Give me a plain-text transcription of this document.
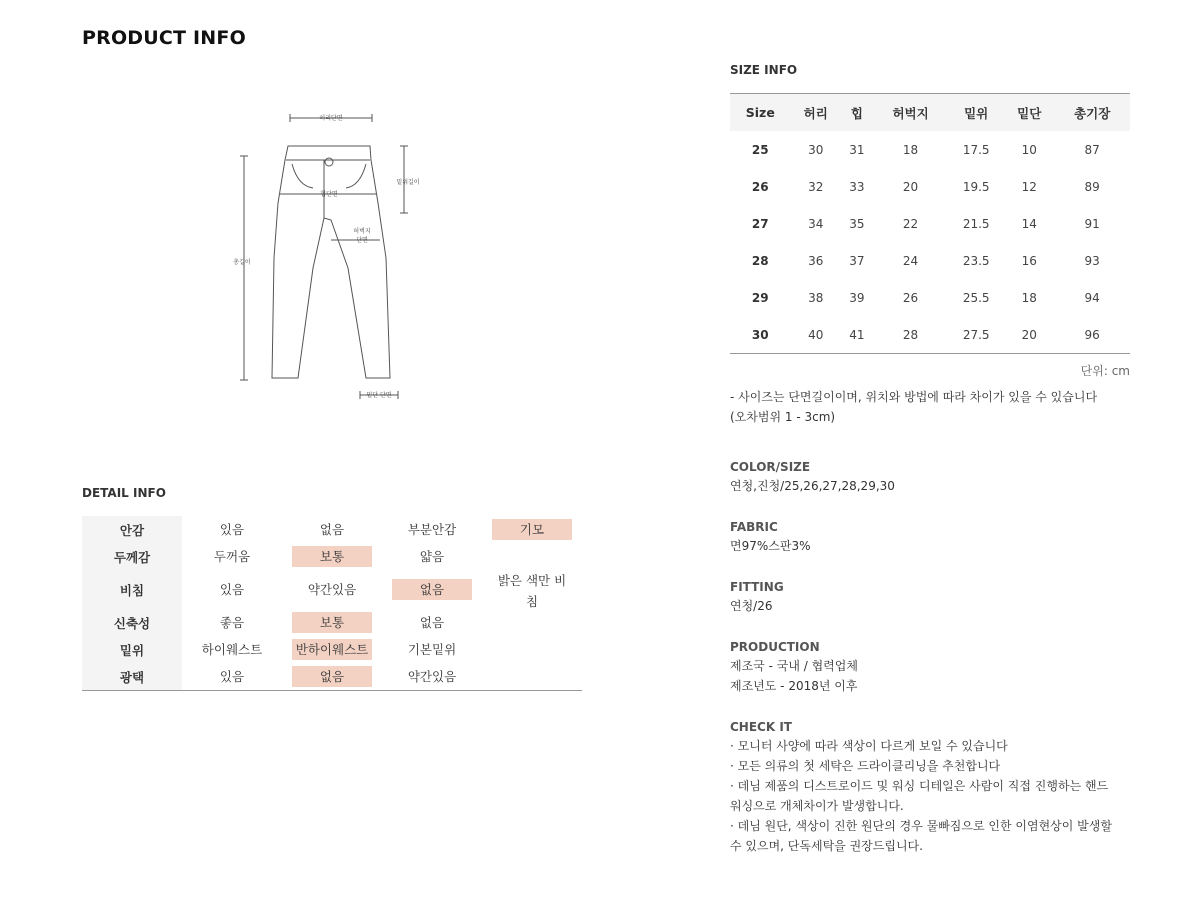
PRODUCT INFO
허리단면
힙단면
밑위길이
허벅지
단면
총길이
밑단 단면
DETAIL INFO
안감	있음	없음	부분안감	기모
두께감	두꺼움	보통	얇음	
비침	있음	약간있음	없음	밝은 색만 비침
신축성	좋음	보통	없음	
밑위	하이웨스트	반하이웨스트	기본밑위	
광택	있음	없음	약간있음	
SIZE INFO
Size	허리	힙	허벅지	밑위	밑단	총기장
25	30	31	18	17.5	10	87
26	32	33	20	19.5	12	89
27	34	35	22	21.5	14	91
28	36	37	24	23.5	16	93
29	38	39	26	25.5	18	94
30	40	41	28	27.5	20	96
단위: cm
- 사이즈는 단면길이이며, 위치와 방법에 따라 차이가 있을 수 있습니다
(오차범위 1 - 3cm)
COLOR/SIZE
연청,진청/25,26,27,28,29,30
FABRIC
면97%스판3%
FITTING
연청/26
PRODUCTION
제조국 - 국내 / 협력업체
제조년도 - 2018년 이후
CHECK IT
· 모니터 사양에 따라 색상이 다르게 보일 수 있습니다
· 모든 의류의 첫 세탁은 드라이클리닝을 추천합니다
· 데님 제품의 디스트로이드 및 워싱 디테일은 사람이 직접 진행하는 핸드
워싱으로 개체차이가 발생합니다.
· 데님 원단, 색상이 진한 원단의 경우 물빠짐으로 인한 이염현상이 발생할
수 있으며, 단독세탁을 권장드립니다.
